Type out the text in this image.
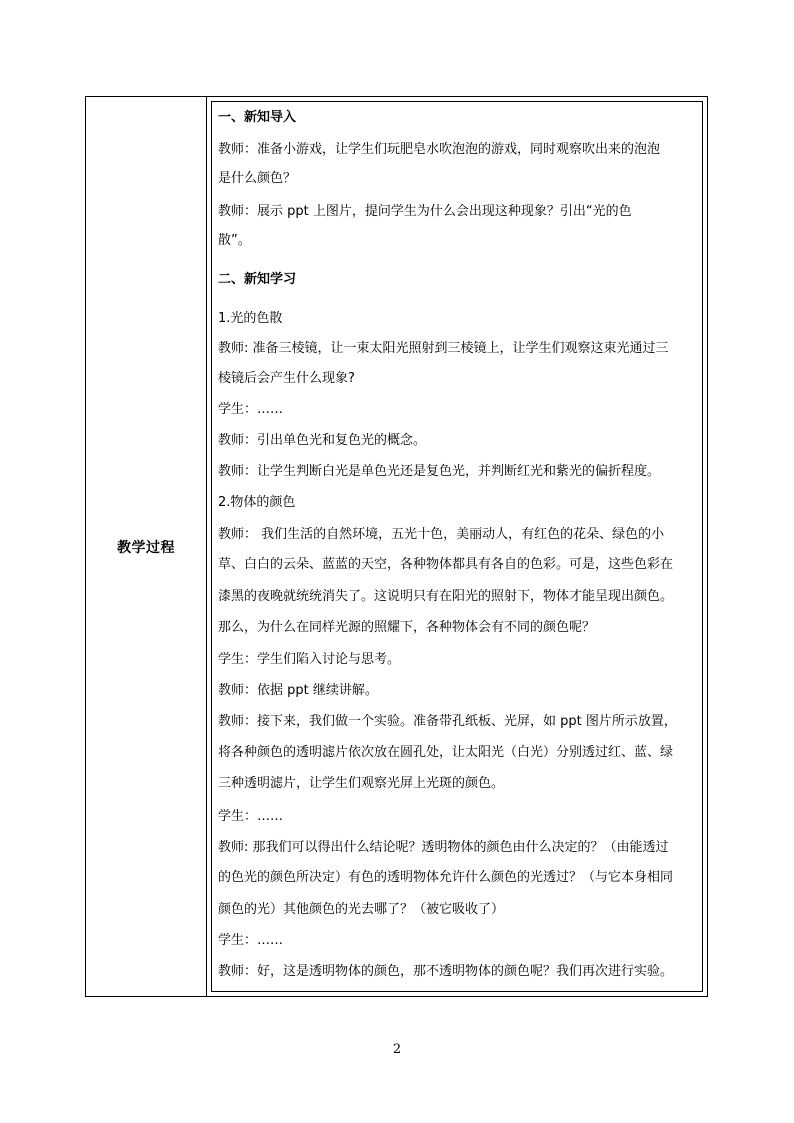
教学过程
一、新知导入
教师：准备小游戏，让学生们玩肥皂水吹泡泡的游戏，同时观察吹出来的泡泡
是什么颜色？
教师：展示 ppt 上图片，提问学生为什么会出现这种现象？引出“光的色
散”。
二、新知学习
1.光的色散
教师: 准备三棱镜，让一束太阳光照射到三棱镜上，让学生们观察这束光通过三
棱镜后会产生什么现象?
学生：……
教师：引出单色光和复色光的概念。
教师：让学生判断白光是单色光还是复色光，并判断红光和紫光的偏折程度。
2.物体的颜色
教师： 我们生活的自然环境，五光十色，美丽动人，有红色的花朵、绿色的小
草、白白的云朵、蓝蓝的天空，各种物体都具有各自的色彩。可是，这些色彩在
漆黑的夜晚就统统消失了。这说明只有在阳光的照射下，物体才能呈现出颜色。
那么，为什么在同样光源的照耀下，各种物体会有不同的颜色呢？
学生：学生们陷入讨论与思考。
教师：依据 ppt 继续讲解。
教师：接下来，我们做一个实验。准备带孔纸板、光屏，如 ppt 图片所示放置，
将各种颜色的透明滤片依次放在圆孔处，让太阳光（白光）分别透过红、蓝、绿
三种透明滤片，让学生们观察光屏上光斑的颜色。
学生：……
教师: 那我们可以得出什么结论呢？透明物体的颜色由什么决定的？（由能透过
的色光的颜色所决定）有色的透明物体允许什么颜色的光透过？（与它本身相同
颜色的光）其他颜色的光去哪了？（被它吸收了）
学生：……
教师：好，这是透明物体的颜色，那不透明物体的颜色呢？我们再次进行实验。
2
